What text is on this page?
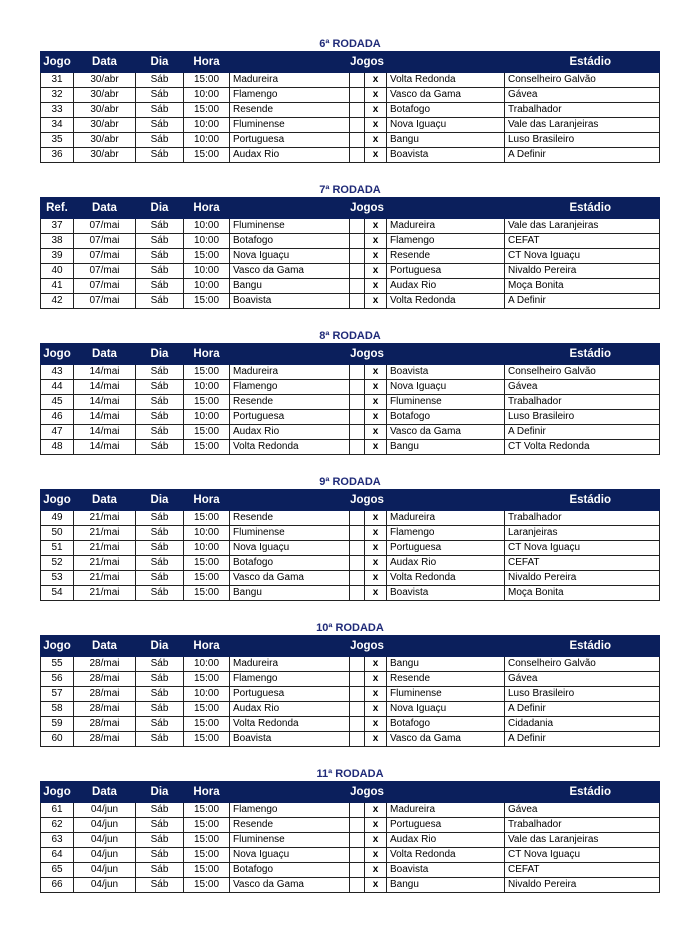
6ª RODADA
Jogo	Data	Dia	Hora	Jogos				Estádio
31	30/abr	Sáb	15:00	Madureira		x	Volta Redonda	Conselheiro Galvão
32	30/abr	Sáb	10:00	Flamengo		x	Vasco da Gama	Gávea
33	30/abr	Sáb	15:00	Resende		x	Botafogo	Trabalhador
34	30/abr	Sáb	10:00	Fluminense		x	Nova Iguaçu	Vale das Laranjeiras
35	30/abr	Sáb	10:00	Portuguesa		x	Bangu	Luso Brasileiro
36	30/abr	Sáb	15:00	Audax Rio		x	Boavista	A Definir
7ª RODADA
Ref.	Data	Dia	Hora	Jogos				Estádio
37	07/mai	Sáb	10:00	Fluminense		x	Madureira	Vale das Laranjeiras
38	07/mai	Sáb	10:00	Botafogo		x	Flamengo	CEFAT
39	07/mai	Sáb	15:00	Nova Iguaçu		x	Resende	CT Nova Iguaçu
40	07/mai	Sáb	10:00	Vasco da Gama		x	Portuguesa	Nivaldo Pereira
41	07/mai	Sáb	10:00	Bangu		x	Audax Rio	Moça Bonita
42	07/mai	Sáb	15:00	Boavista		x	Volta Redonda	A Definir
8ª RODADA
Jogo	Data	Dia	Hora	Jogos				Estádio
43	14/mai	Sáb	15:00	Madureira		x	Boavista	Conselheiro Galvão
44	14/mai	Sáb	10:00	Flamengo		x	Nova Iguaçu	Gávea
45	14/mai	Sáb	15:00	Resende		x	Fluminense	Trabalhador
46	14/mai	Sáb	10:00	Portuguesa		x	Botafogo	Luso Brasileiro
47	14/mai	Sáb	15:00	Audax Rio		x	Vasco da Gama	A Definir
48	14/mai	Sáb	15:00	Volta Redonda		x	Bangu	CT Volta Redonda
9ª RODADA
Jogo	Data	Dia	Hora	Jogos				Estádio
49	21/mai	Sáb	15:00	Resende		x	Madureira	Trabalhador
50	21/mai	Sáb	10:00	Fluminense		x	Flamengo	Laranjeiras
51	21/mai	Sáb	10:00	Nova Iguaçu		x	Portuguesa	CT Nova Iguaçu
52	21/mai	Sáb	15:00	Botafogo		x	Audax Rio	CEFAT
53	21/mai	Sáb	15:00	Vasco da Gama		x	Volta Redonda	Nivaldo Pereira
54	21/mai	Sáb	15:00	Bangu		x	Boavista	Moça Bonita
10ª RODADA
Jogo	Data	Dia	Hora	Jogos				Estádio
55	28/mai	Sáb	10:00	Madureira		x	Bangu	Conselheiro Galvão
56	28/mai	Sáb	15:00	Flamengo		x	Resende	Gávea
57	28/mai	Sáb	10:00	Portuguesa		x	Fluminense	Luso Brasileiro
58	28/mai	Sáb	15:00	Audax Rio		x	Nova Iguaçu	A Definir
59	28/mai	Sáb	15:00	Volta Redonda		x	Botafogo	Cidadania
60	28/mai	Sáb	15:00	Boavista		x	Vasco da Gama	A Definir
11ª RODADA
Jogo	Data	Dia	Hora	Jogos				Estádio
61	04/jun	Sáb	15:00	Flamengo		x	Madureira	Gávea
62	04/jun	Sáb	15:00	Resende		x	Portuguesa	Trabalhador
63	04/jun	Sáb	15:00	Fluminense		x	Audax Rio	Vale das Laranjeiras
64	04/jun	Sáb	15:00	Nova Iguaçu		x	Volta Redonda	CT Nova Iguaçu
65	04/jun	Sáb	15:00	Botafogo		x	Boavista	CEFAT
66	04/jun	Sáb	15:00	Vasco da Gama		x	Bangu	Nivaldo Pereira
